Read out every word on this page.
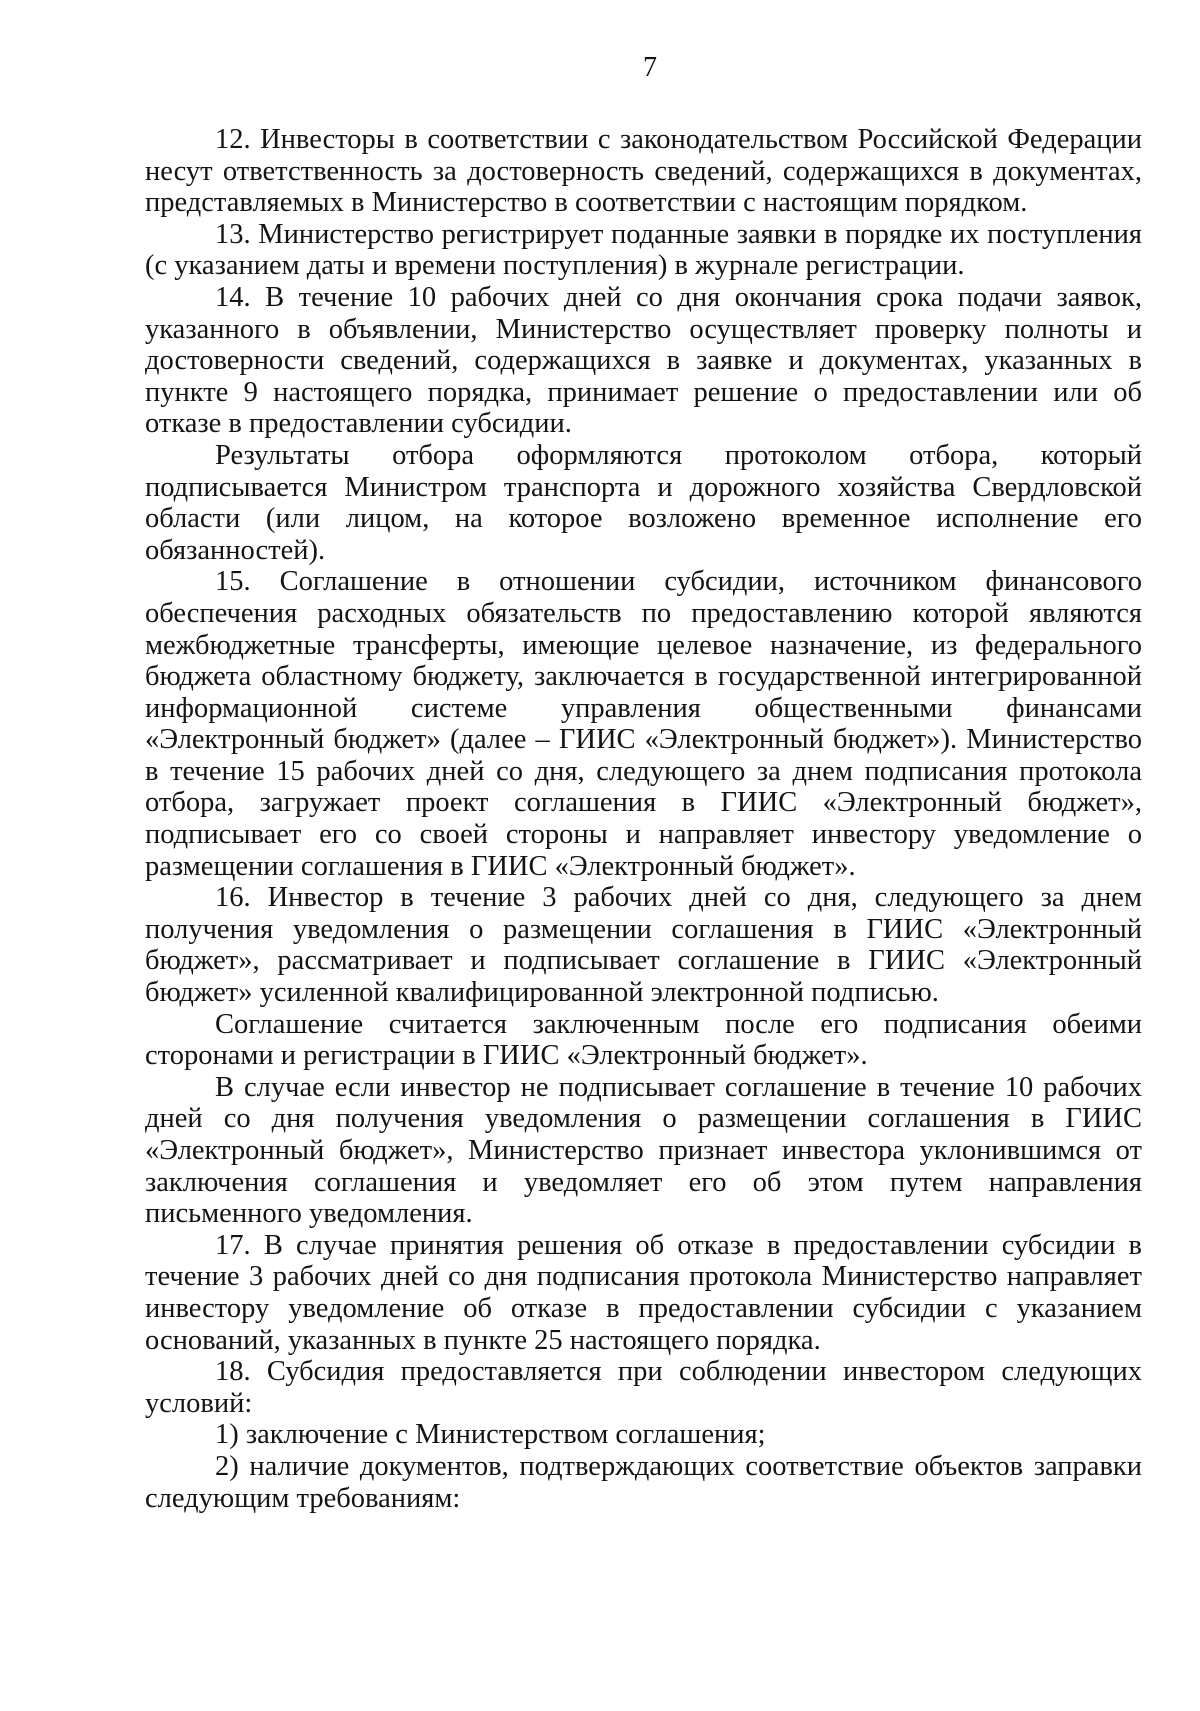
7

12. Инвесторы в соответствии с законодательством Российской Федерации несут ответственность за достоверность сведений, содержащихся в документах, представляемых в Министерство в соответствии с настоящим порядком.

13. Министерство регистрирует поданные заявки в порядке их поступления (с указанием даты и времени поступления) в журнале регистрации.

14. В течение 10 рабочих дней со дня окончания срока подачи заявок, указанного в объявлении, Министерство осуществляет проверку полноты и достоверности сведений, содержащихся в заявке и документах, указанных в пункте 9 настоящего порядка, принимает решение о предоставлении или об отказе в предоставлении субсидии.

Результаты отбора оформляются протоколом отбора, который подписывается Министром транспорта и дорожного хозяйства Свердловской области (или лицом, на которое возложено временное исполнение его обязанностей).

15. Соглашение в отношении субсидии, источником финансового обеспечения расходных обязательств по предоставлению которой являются межбюджетные трансферты, имеющие целевое назначение, из федерального бюджета областному бюджету, заключается в государственной интегрированной информационной системе управления общественными финансами «Электронный бюджет» (далее – ГИИС «Электронный бюджет»). Министерство в течение 15 рабочих дней со дня, следующего за днем подписания протокола отбора, загружает проект соглашения в ГИИС «Электронный бюджет», подписывает его со своей стороны и направляет инвестору уведомление о размещении соглашения в ГИИС «Электронный бюджет».

16. Инвестор в течение 3 рабочих дней со дня, следующего за днем получения уведомления о размещении соглашения в ГИИС «Электронный бюджет», рассматривает и подписывает соглашение в ГИИС «Электронный бюджет» усиленной квалифицированной электронной подписью.

Соглашение считается заключенным после его подписания обеими сторонами и регистрации в ГИИС «Электронный бюджет».

В случае если инвестор не подписывает соглашение в течение 10 рабочих дней со дня получения уведомления о размещении соглашения в ГИИС «Электронный бюджет», Министерство признает инвестора уклонившимся от заключения соглашения и уведомляет его об этом путем направления письменного уведомления.

17. В случае принятия решения об отказе в предоставлении субсидии в течение 3 рабочих дней со дня подписания протокола Министерство направляет инвестору уведомление об отказе в предоставлении субсидии с указанием оснований, указанных в пункте 25 настоящего порядка.

18. Субсидия предоставляется при соблюдении инвестором следующих условий:

1) заключение с Министерством соглашения;

2) наличие документов, подтверждающих соответствие объектов заправки следующим требованиям:
